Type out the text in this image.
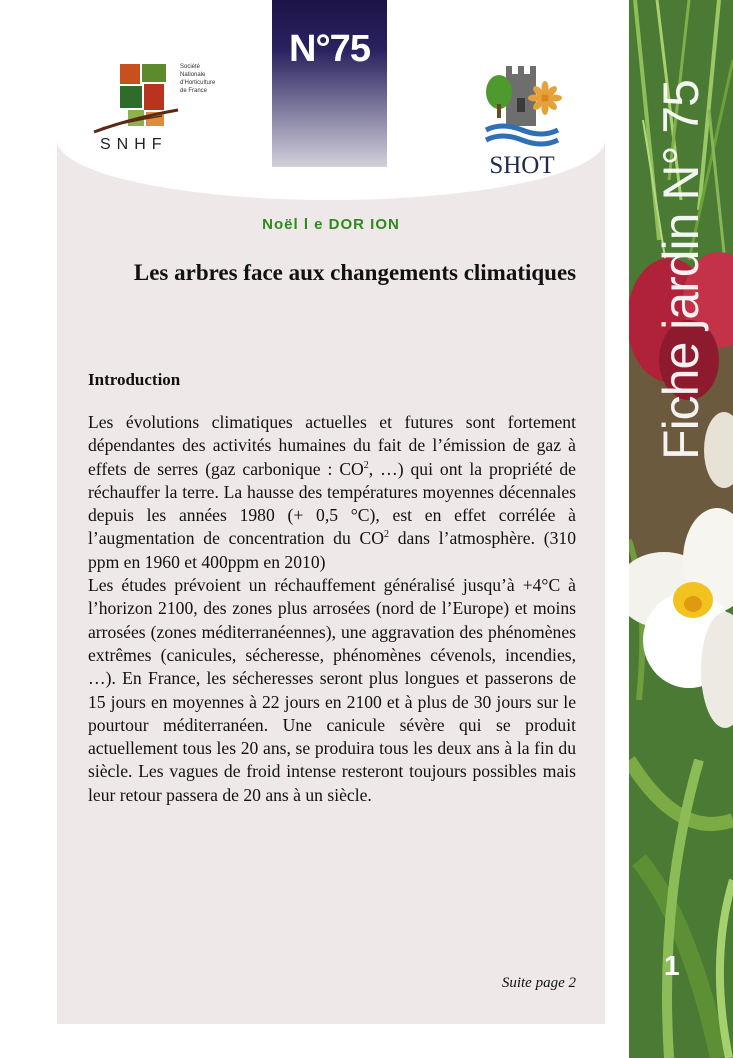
N°75
Société
Nationale
d'Horticulture
de France
SNHF
SHOT
Noël l e DOR ION
Les arbres face aux changements climatiques
Introduction

Les évolutions climatiques actuelles et futures sont fortement dépendantes des activités humaines du fait de l’émission de gaz à effets de serres (gaz carbonique : $CO^2$, …) qui ont la propriété de réchauffer la terre. La hausse des températures moyennes décennales depuis les années 1980 (+ 0,5 °C), est en effet corrélée à l’augmentation de concentration du $CO^2$ dans l’atmosphère. (310 ppm en 1960 et 400ppm en 2010)

Les études prévoient un réchauffement généralisé jusqu’à +4°C à l’horizon 2100, des zones plus arrosées (nord de l’Europe) et moins arrosées (zones méditerranéennes), une aggravation des phénomènes extrêmes (canicules, sécheresse, phénomènes cévenols, incendies, …). En France, les sécheresses seront plus longues et passerons de 15 jours en moyennes à 22 jours en 2100 et à plus de 30 jours sur le pourtour méditerranéen. Une canicule sévère qui se produit actuellement tous les 20 ans, se produira tous les deux ans à la fin du siècle. Les vagues de froid intense resteront toujours possibles mais leur retour passera de 20 ans à un siècle.

Suite page 2
Fiche jardin N° 75
1
